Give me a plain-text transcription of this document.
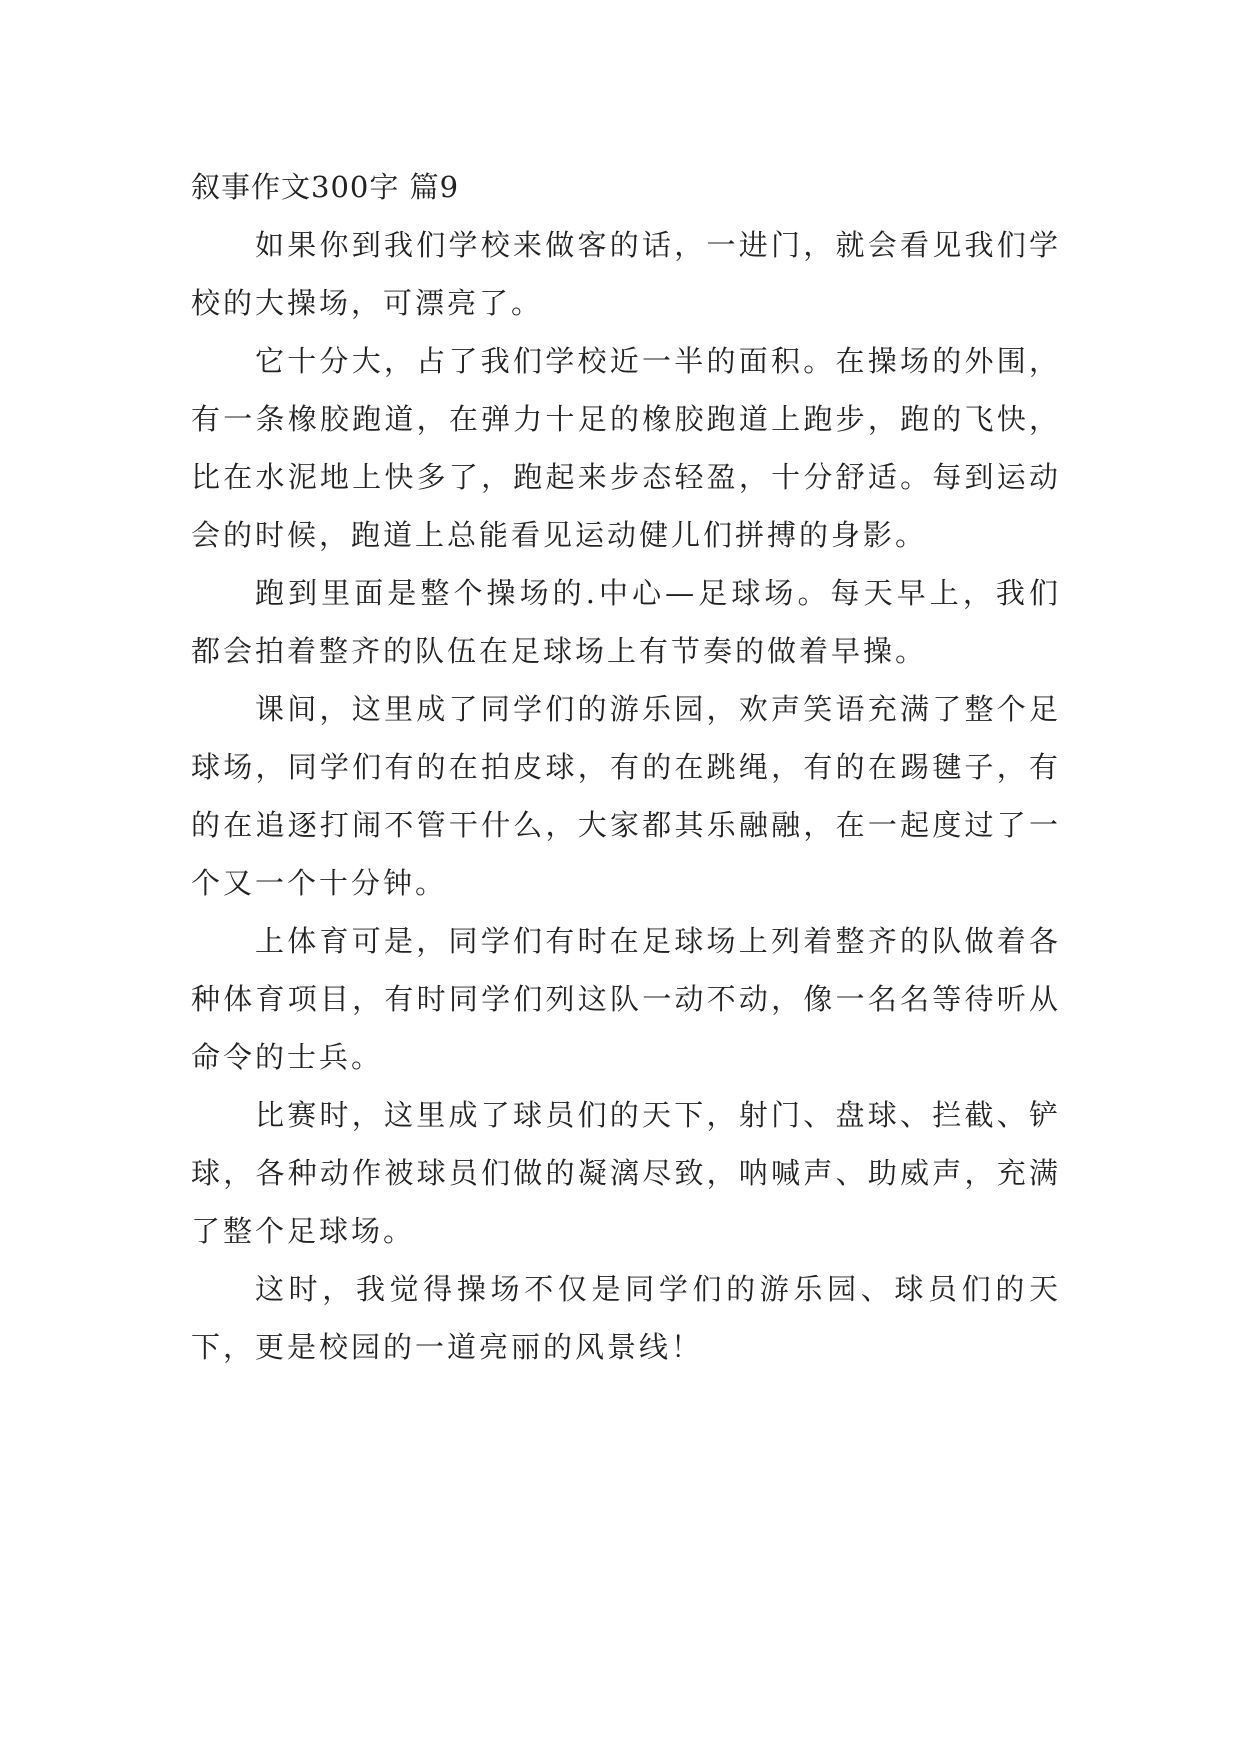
叙事作文300字 篇9

如果你到我们学校来做客的话，一进门，就会看见我们学校的大操场，可漂亮了。

它十分大，占了我们学校近一半的面积。在操场的外围，有一条橡胶跑道，在弹力十足的橡胶跑道上跑步，跑的飞快，比在水泥地上快多了，跑起来步态轻盈，十分舒适。每到运动会的时候，跑道上总能看见运动健儿们拼搏的身影。

跑到里面是整个操场的.中心—足球场。每天早上，我们都会拍着整齐的队伍在足球场上有节奏的做着早操。

课间，这里成了同学们的游乐园，欢声笑语充满了整个足球场，同学们有的在拍皮球，有的在跳绳，有的在踢毽子，有的在追逐打闹不管干什么，大家都其乐融融，在一起度过了一个又一个十分钟。

上体育可是，同学们有时在足球场上列着整齐的队做着各种体育项目，有时同学们列这队一动不动，像一名名等待听从命令的士兵。

比赛时，这里成了球员们的天下，射门、盘球、拦截、铲球，各种动作被球员们做的凝漓尽致，呐喊声、助威声，充满了整个足球场。

这时，我觉得操场不仅是同学们的游乐园、球员们的天下，更是校园的一道亮丽的风景线！
